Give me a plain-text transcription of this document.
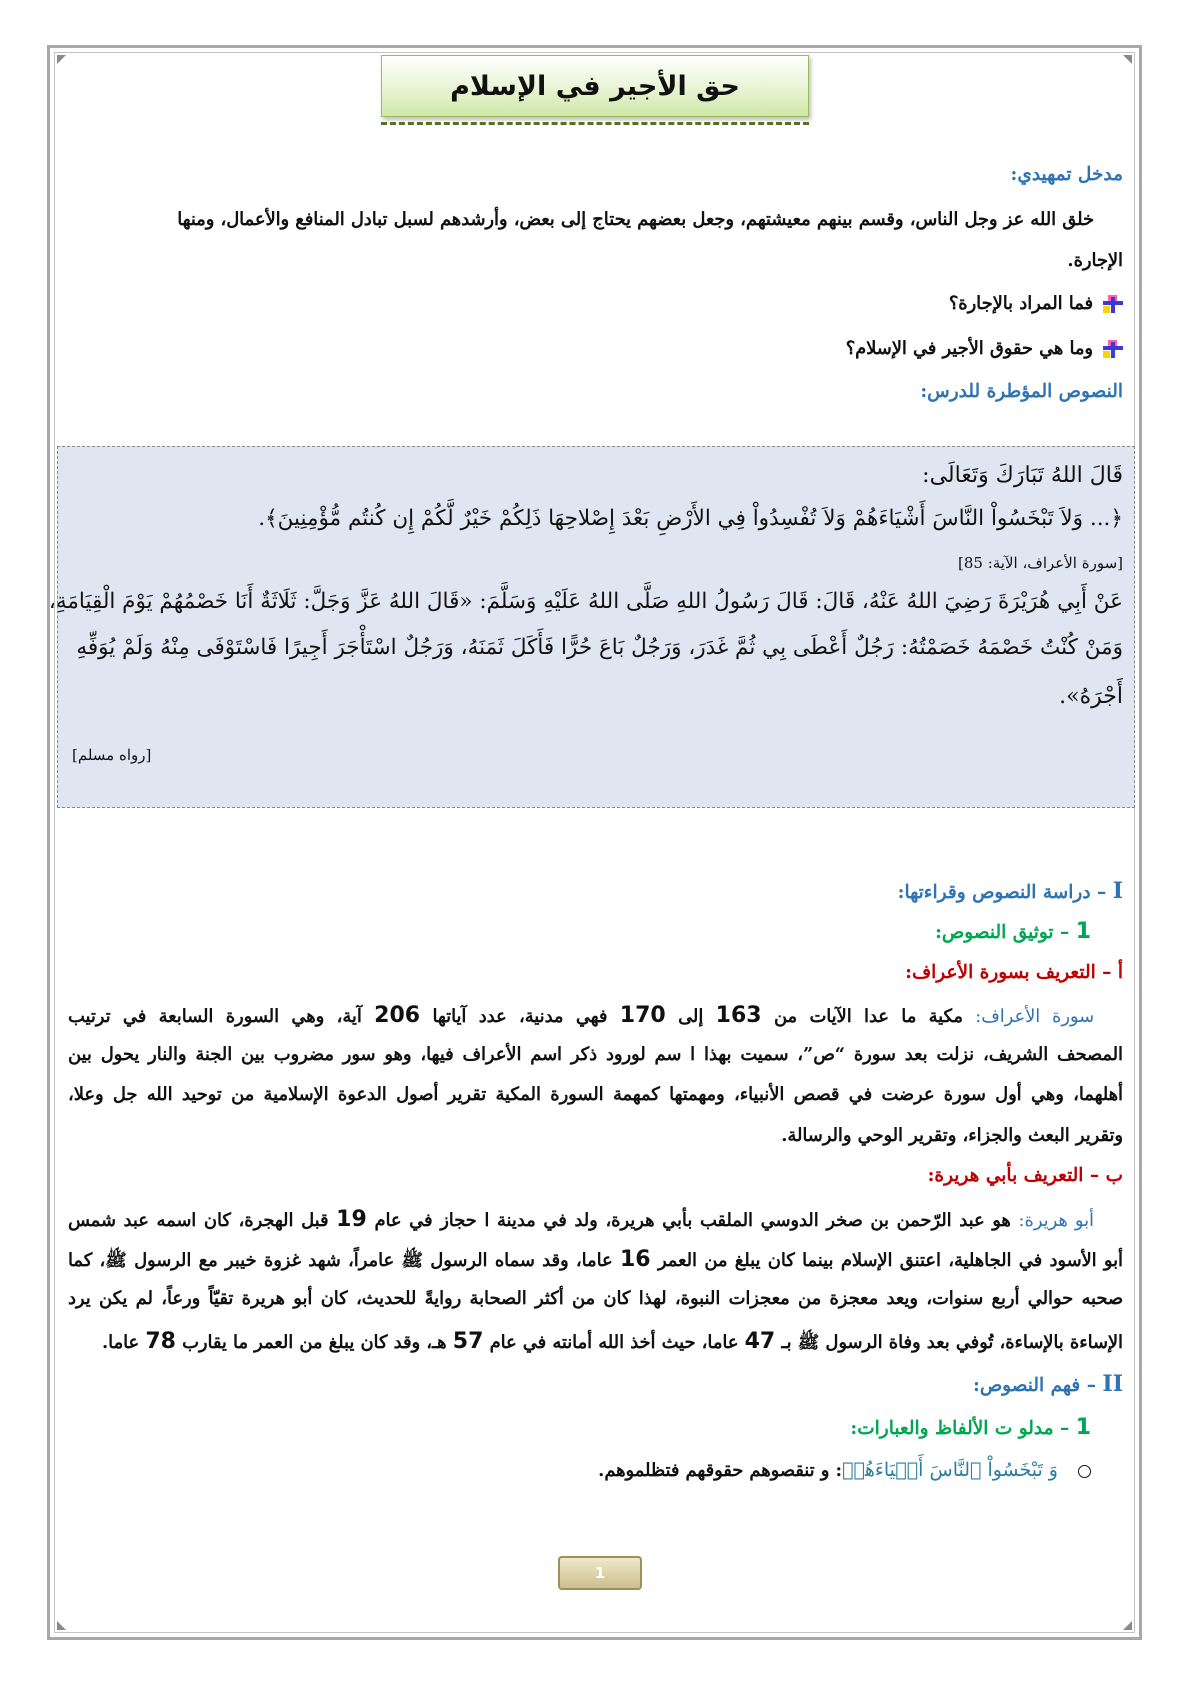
حق الأجير في الإسلام
مدخل تمهيدي:
خلق الله عز وجل الناس، وقسم بينهم معيشتهم، وجعل بعضهم يحتاج إلى بعض، وأرشدهم لسبل تبادل المنافع والأعمال، ومنها
الإجارة.
فما المراد بالإجارة؟
وما هي حقوق الأجير في الإسلام؟
النصوص المؤطرة للدرس:
قَالَ اللهُ تَبَارَكَ وَتَعَالَى:
﴿... وَلاَ تَبْخَسُواْ النَّاسَ أَشْيَاءَهُمْ وَلاَ تُفْسِدُواْ فِي الأَرْضِ بَعْدَ إِصْلاحِهَا ذَلِكُمْ خَيْرٌ لَّكُمْ إِن كُنتُم مُّؤْمِنِينَ﴾.
[سورة الأعراف، الآية: 85]
عَنْ أَبِي هُرَيْرَةَ رَضِيَ اللهُ عَنْهُ، قَالَ: قَالَ رَسُولُ اللهِ صَلَّى اللهُ عَلَيْهِ وَسَلَّمَ: «قَالَ اللهُ عَزَّ وَجَلَّ: ثَلَاثَةٌ أَنَا خَصْمُهُمْ يَوْمَ الْقِيَامَةِ،
وَمَنْ كُنْتُ خَصْمَهُ خَصَمْتُهُ: رَجُلٌ أَعْطَى بِي ثُمَّ غَدَرَ، وَرَجُلٌ بَاعَ حُرًّا فَأَكَلَ ثَمَنَهُ، وَرَجُلٌ اسْتَأْجَرَ أَجِيرًا فَاسْتَوْفَى مِنْهُ وَلَمْ يُوَفِّهِ
أَجْرَهُ».
[رواه مسلم]
I – دراسة النصوص وقراءتها:
1 – توثيق النصوص:
أ – التعريف بسورة الأعراف:
سورة الأعراف: مكية ما عدا الآيات من 163 إلى 170 فهي مدنية، عدد آياتها 206 آية، وهي السورة السابعة في ترتيب
المصحف الشريف، نزلت بعد سورة “ص”، سميت بهذا ا سم لورود ذكر اسم الأعراف فيها، وهو سور مضروب بين الجنة والنار يحول بين
أهلهما، وهي أول سورة عرضت في قصص الأنبياء، ومهمتها كمهمة السورة المكية تقرير أصول الدعوة الإسلامية من توحيد الله جل وعلا،
وتقرير البعث والجزاء، وتقرير الوحي والرسالة.
ب – التعريف بأبي هريرة:
أبو هريرة: هو عبد الرّحمن بن صخر الدوسي الملقب بأبي هريرة، ولد في مدينة ا حجاز في عام 19 قبل الهجرة، كان اسمه عبد شمس
أبو الأسود في الجاهلية، اعتنق الإسلام بينما كان يبلغ من العمر 16 عاما، وقد سماه الرسول ﷺ عامراً، شهد غزوة خيبر مع الرسول ﷺ، كما
صحبه حوالي أربع سنوات، ويعد معجزة من معجزات النبوة، لهذا كان من أكثر الصحابة روايةً للحديث، كان أبو هريرة تقيّاً ورعاً، لم يكن يرد
الإساءة بالإساءة، تُوفي بعد وفاة الرسول ﷺ بـ 47 عاما، حيث أخذ الله أمانته في عام 57 هـ، وقد كان يبلغ من العمر ما يقارب 78 عاما.
II – فهم النصوص:
1 – مدلو ت الألفاظ والعبارات:
وَ تَبْخَسُواْ ٱلنَّاسَ أَشۡيَاءَهُمۡ: و تنقصوهم حقوقهم فتظلموهم.
1
